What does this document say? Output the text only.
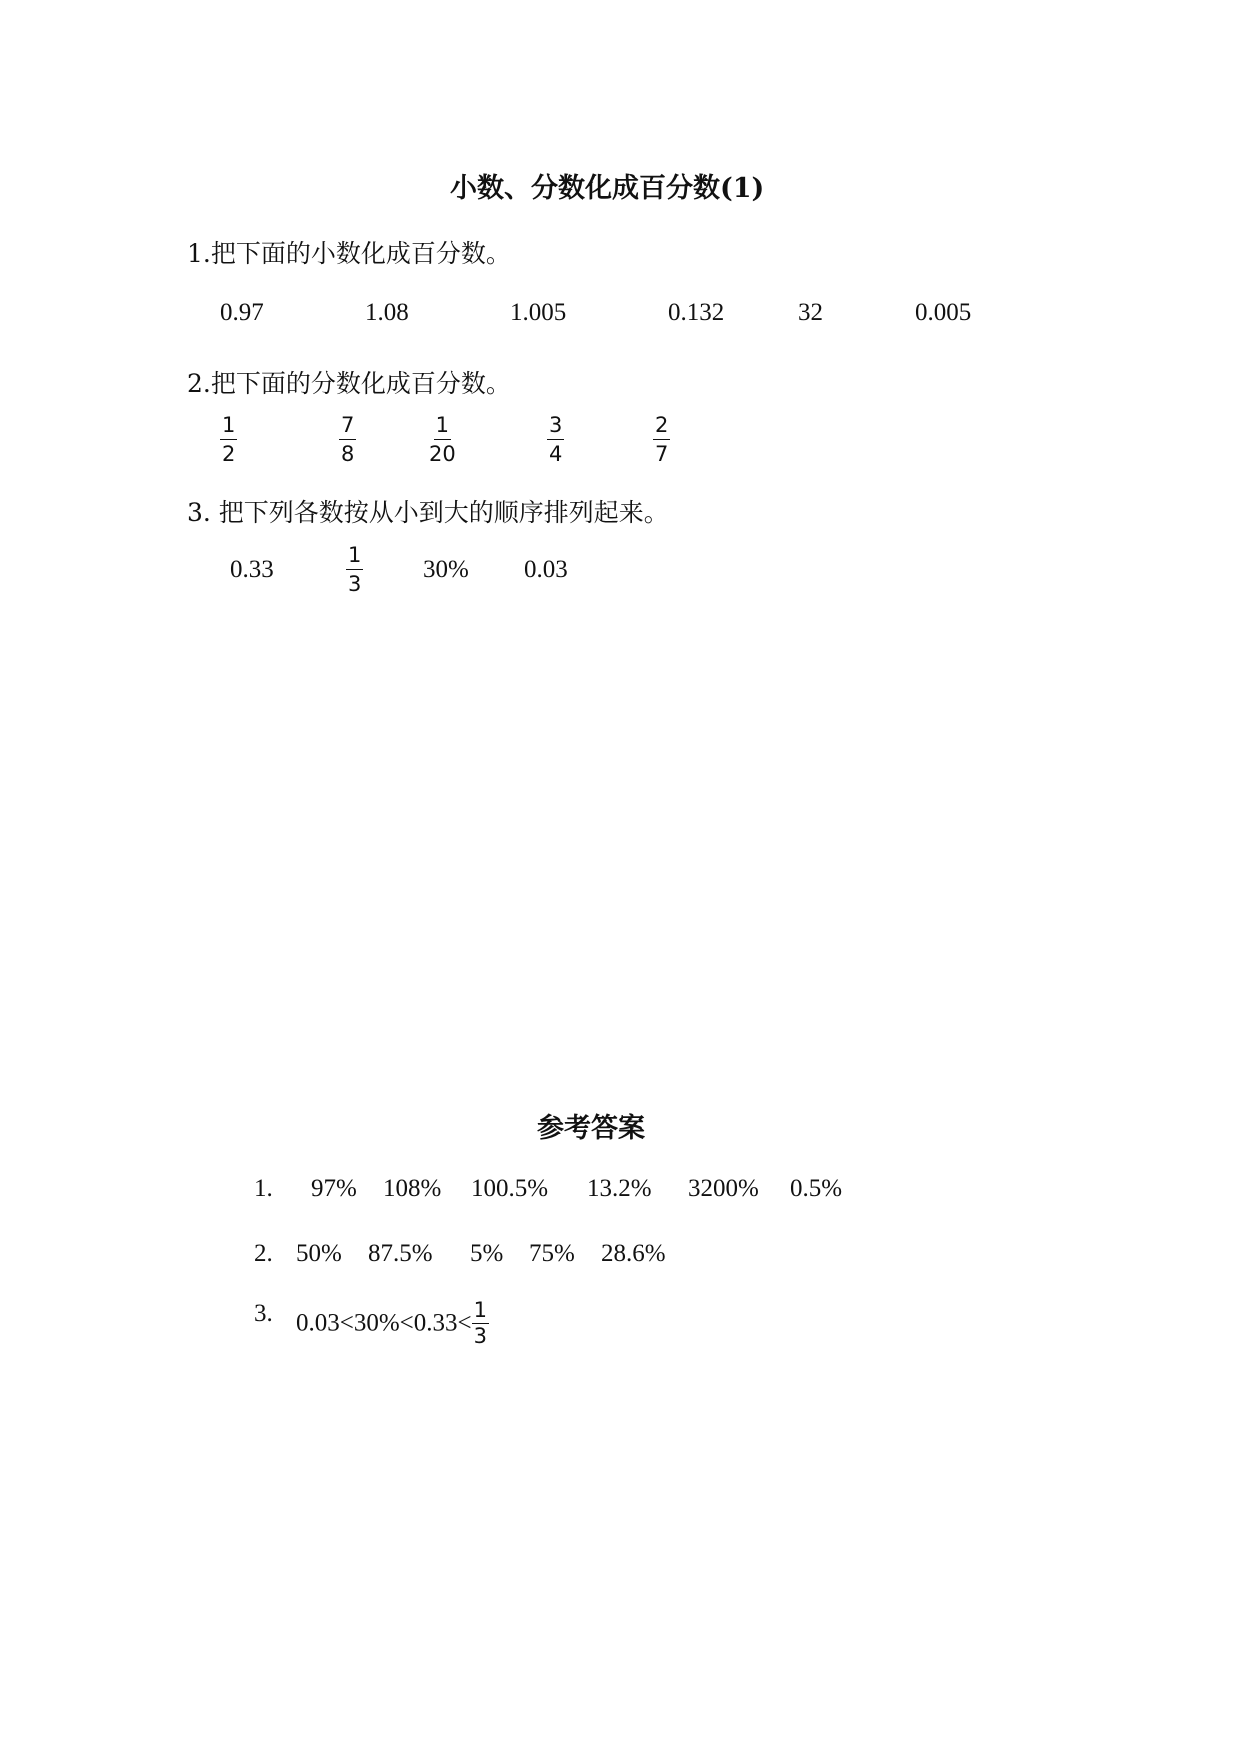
小数、分数化成百分数(1)
1.把下面的小数化成百分数。
0.97	1.08	1.005	0.132	32	0.005
2.把下面的分数化成百分数。
$\frac{1}{2}$	$\frac{7}{8}$	$\frac{1}{20}$	$\frac{3}{4}$	$\frac{2}{7}$
3. 把下列各数按从小到大的顺序排列起来。
0.33	$\frac{1}{3} 30\%$ 0.03
参考答案
1. 97% 108% 100.5% 13.2% 3200% 0.5%
2. 50% 87.5% 5% 75% 28.6%
3. $0.03<30\%<0.33< \frac{1}{3}$
